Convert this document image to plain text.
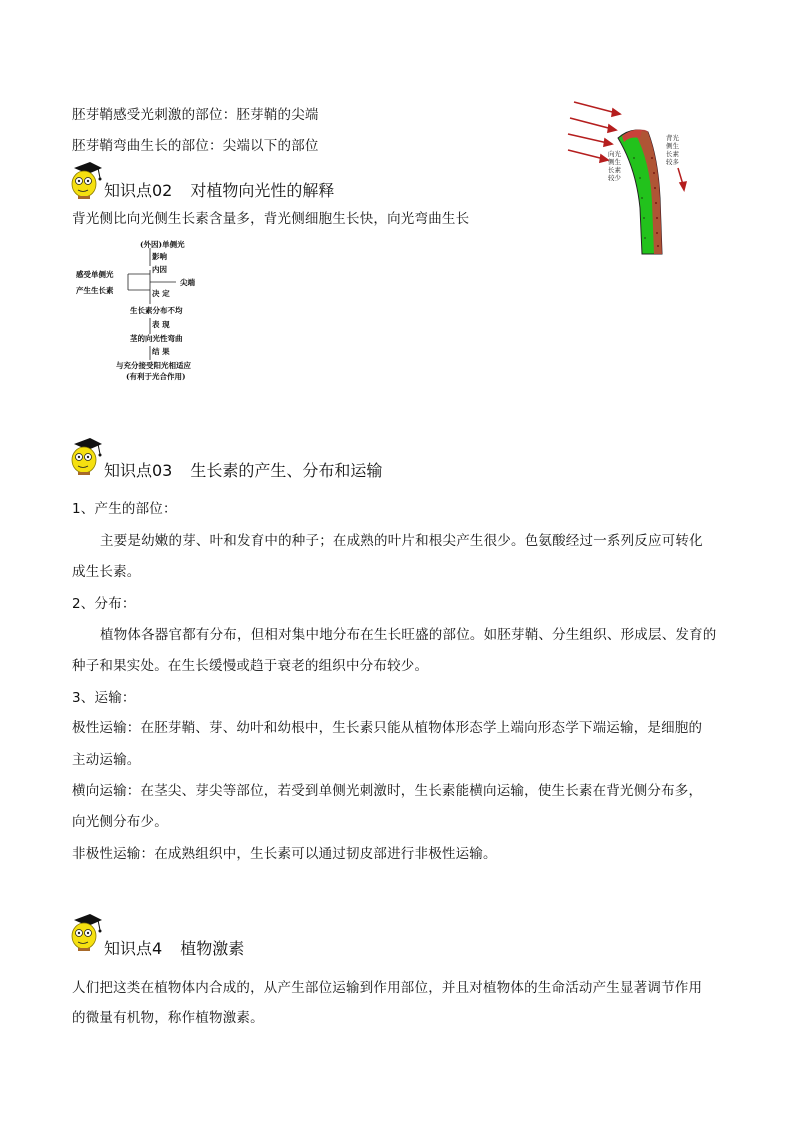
胚芽鞘感受光刺激的部位：胚芽鞘的尖端
胚芽鞘弯曲生长的部位：尖端以下的部位	向光
侧生
长素
较少
背光
侧生
长素
较多
知识点02 对植物向光性的解释
背光侧比向光侧生长素含量多，背光侧细胞生长快，向光弯曲生长
(外因)单侧光
影响
内因
感受单侧光
产生生长素
尖端
决 定
生长素分布不均
表 现
茎的向光性弯曲
结 果
与充分接受阳光相适应
(有利于光合作用)
知识点03 生长素的产生、分布和运输
1、产生的部位：
主要是幼嫩的芽、叶和发育中的种子；在成熟的叶片和根尖产生很少。色氨酸经过一系列反应可转化
成生长素。
2、分布：
植物体各器官都有分布，但相对集中地分布在生长旺盛的部位。如胚芽鞘、分生组织、形成层、发育的
种子和果实处。在生长缓慢或趋于衰老的组织中分布较少。
3、运输：
极性运输：在胚芽鞘、芽、幼叶和幼根中，生长素只能从植物体形态学上端向形态学下端运输，是细胞的
主动运输。
横向运输：在茎尖、芽尖等部位，若受到单侧光刺激时，生长素能横向运输，使生长素在背光侧分布多，
向光侧分布少。
非极性运输：在成熟组织中，生长素可以通过韧皮部进行非极性运输。
知识点4 植物激素
人们把这类在植物体内合成的，从产生部位运输到作用部位，并且对植物体的生命活动产生显著调节作用
的微量有机物，称作植物激素。
